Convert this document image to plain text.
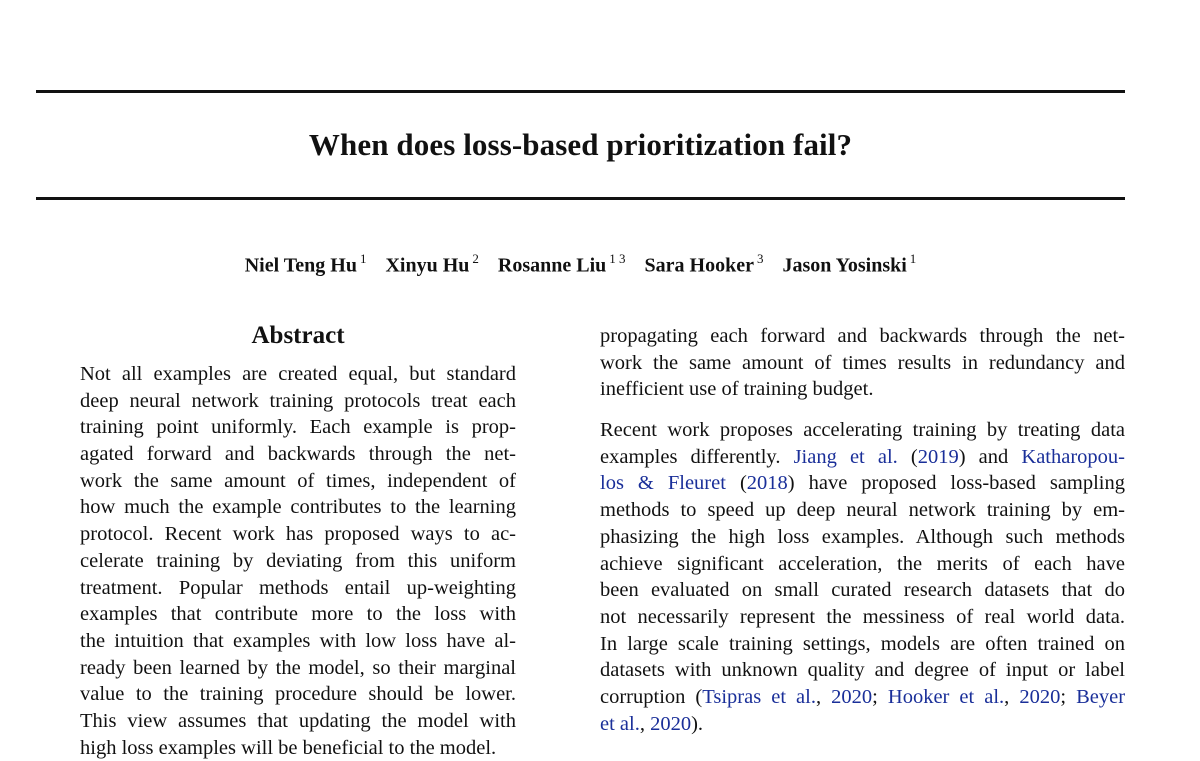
When does loss-based prioritization fail?
Niel Teng Hu $^1$ Xinyu Hu $^2$ Rosanne Liu $^{1 3}$ Sara Hooker $^3$ Jason Yosinski $^1$
Abstract
Not all examples are created equal, but standard
deep neural network training protocols treat each
training point uniformly. Each example is prop-
agated forward and backwards through the net-
work the same amount of times, independent of
how much the example contributes to the learning
protocol. Recent work has proposed ways to ac-
celerate training by deviating from this uniform
treatment. Popular methods entail up-weighting
examples that contribute more to the loss with
the intuition that examples with low loss have al-
ready been learned by the model, so their marginal
value to the training procedure should be lower.
This view assumes that updating the model with
high loss examples will be beneficial to the model.
propagating each forward and backwards through the net-
work the same amount of times results in redundancy and
inefficient use of training budget.
Recent work proposes accelerating training by treating data
examples differently. Jiang et al. (2019) and Katharopou-
los & Fleuret (2018) have proposed loss-based sampling
methods to speed up deep neural network training by em-
phasizing the high loss examples. Although such methods
achieve significant acceleration, the merits of each have
been evaluated on small curated research datasets that do
not necessarily represent the messiness of real world data.
In large scale training settings, models are often trained on
datasets with unknown quality and degree of input or label
corruption (Tsipras et al., 2020; Hooker et al., 2020; Beyer
et al., 2020).
